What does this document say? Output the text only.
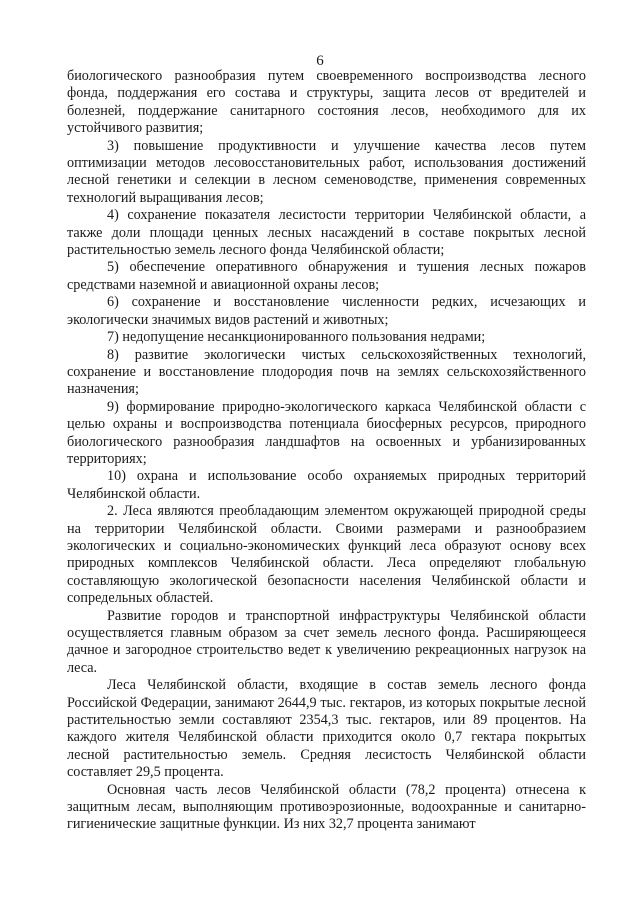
6

биологического разнообразия путем своевременного воспроизводства лесного фонда, поддержания его состава и структуры, защита лесов от вредителей и болезней, поддержание санитарного состояния лесов, необходимого для их устойчивого развития;

3) повышение продуктивности и улучшение качества лесов путем оптимизации методов лесовосстановительных работ, использования достижений лесной генетики и селекции в лесном семеноводстве, применения современных технологий выращивания лесов;

4) сохранение показателя лесистости территории Челябинской области, а также доли площади ценных лесных насаждений в составе покрытых лесной растительностью земель лесного фонда Челябинской области;

5) обеспечение оперативного обнаружения и тушения лесных пожаров средствами наземной и авиационной охраны лесов;

6) сохранение и восстановление численности редких, исчезающих и экологически значимых видов растений и животных;

7) недопущение несанкционированного пользования недрами;

8) развитие экологически чистых сельскохозяйственных технологий, сохранение и восстановление плодородия почв на землях сельскохозяйственного назначения;

9) формирование природно-экологического каркаса Челябинской области с целью охраны и воспроизводства потенциала биосферных ресурсов, природного биологического разнообразия ландшафтов на освоенных и урбанизированных территориях;

10) охрана и использование особо охраняемых природных территорий Челябинской области.

2. Леса являются преобладающим элементом окружающей природной среды на территории Челябинской области. Своими размерами и разнообразием экологических и социально-экономических функций леса образуют основу всех природных комплексов Челябинской области. Леса определяют глобальную составляющую экологической безопасности населения Челябинской области и сопредельных областей.

Развитие городов и транспортной инфраструктуры Челябинской области осуществляется главным образом за счет земель лесного фонда. Расширяющееся дачное и загородное строительство ведет к увеличению рекреационных нагрузок на леса.

Леса Челябинской области, входящие в состав земель лесного фонда Российской Федерации, занимают 2644,9 тыс. гектаров, из которых покрытые лесной растительностью земли составляют 2354,3 тыс. гектаров, или 89 процентов. На каждого жителя Челябинской области приходится около 0,7 гектара покрытых лесной растительностью земель. Средняя лесистость Челябинской области составляет 29,5 процента.

Основная часть лесов Челябинской области (78,2 процента) отнесена к защитным лесам, выполняющим противоэрозионные, водоохранные и санитарно-гигиенические защитные функции. Из них 32,7 процента занимают
